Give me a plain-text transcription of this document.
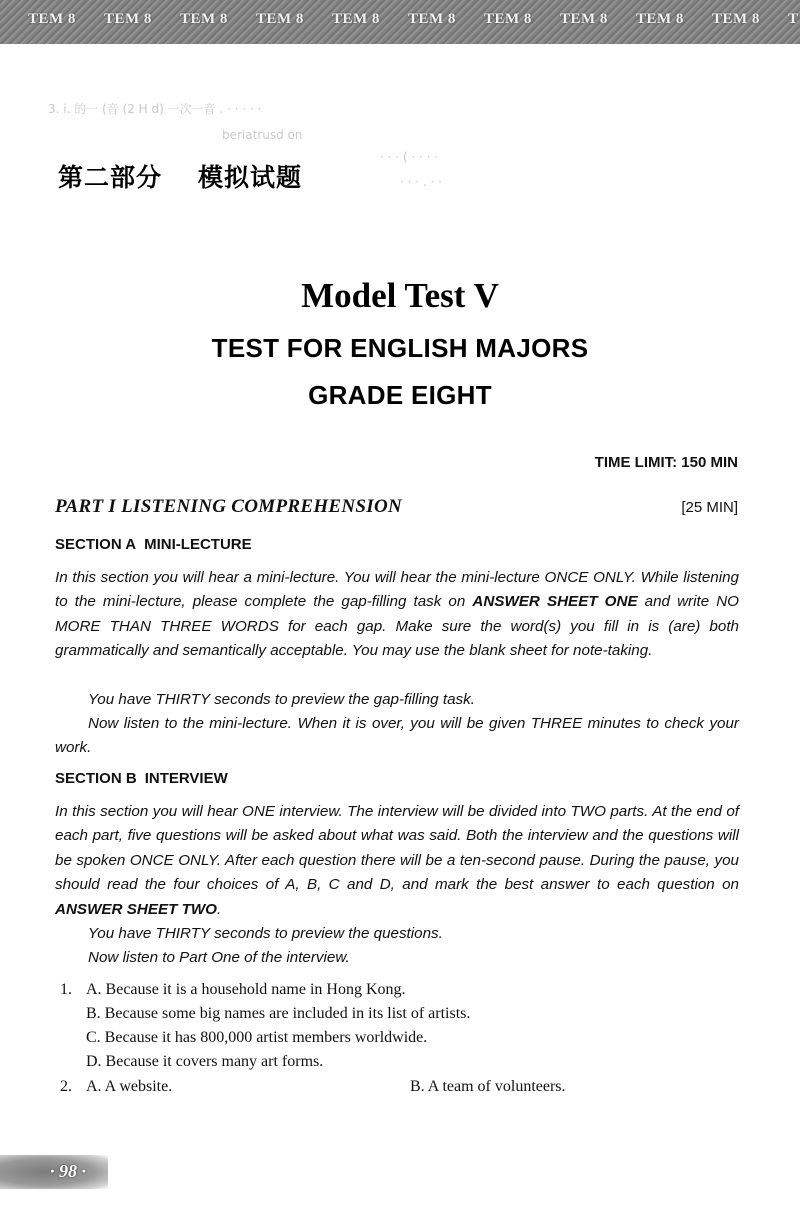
TEM 8 TEM 8 TEM 8 TEM 8 TEM 8 TEM 8 TEM 8 TEM 8 TEM 8 TEM 8 T
3. i. 的一 (音 (2 H d) 一次一音 . · · · · ·
beriatrusd on
· · · ( · · · ·
· · · . · ·
第二部分 模拟试题
Model Test V
TEST FOR ENGLISH MAJORS
GRADE EIGHT
TIME LIMIT: 150 MIN
PART I LISTENING COMPREHENSION	[25 MIN]
SECTION A MINI-LECTURE
In this section you will hear a mini-lecture. You will hear the mini-lecture ONCE ONLY. While listening to the mini-lecture, please complete the gap-filling task on ANSWER SHEET ONE and write NO MORE THAN THREE WORDS for each gap. Make sure the word(s) you fill in is (are) both grammatically and semantically acceptable. You may use the blank sheet for note-taking.
You have THIRTY seconds to preview the gap-filling task.
Now listen to the mini-lecture. When it is over, you will be given THREE minutes to check your work.
SECTION B INTERVIEW
In this section you will hear ONE interview. The interview will be divided into TWO parts. At the end of each part, five questions will be asked about what was said. Both the interview and the questions will be spoken ONCE ONLY. After each question there will be a ten-second pause. During the pause, you should read the four choices of A, B, C and D, and mark the best answer to each question on ANSWER SHEET TWO.
You have THIRTY seconds to preview the questions.
Now listen to Part One of the interview.
1. A. Because it is a household name in Hong Kong.
B. Because some big names are included in its list of artists.
C. Because it has 800,000 artist members worldwide.
D. Because it covers many art forms.
2. A. A website.	B. A team of volunteers.
· 98 ·
